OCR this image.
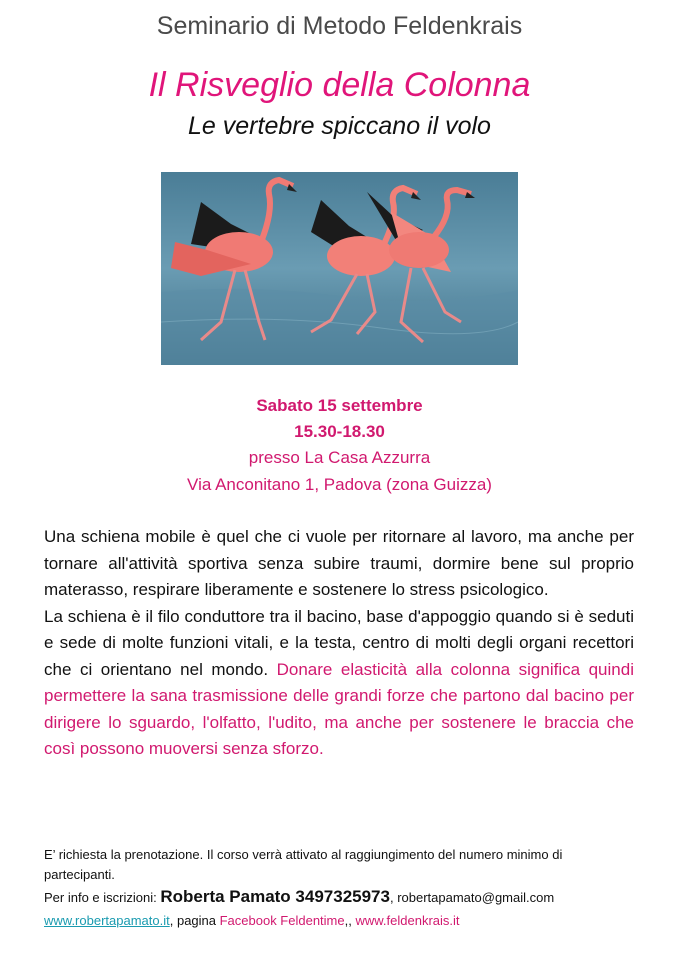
Seminario di Metodo Feldenkrais
Il Risveglio della Colonna
Le vertebre spiccano il volo
Sabato 15 settembre
15.30-18.30
presso La Casa Azzurra
Via Anconitano 1, Padova (zona Guizza)

Una schiena mobile è quel che ci vuole per ritornare al lavoro, ma anche per tornare all'attività sportiva senza subire traumi, dormire bene sul proprio materasso, respirare liberamente e sostenere lo stress psicologico.

La schiena è il filo conduttore tra il bacino, base d'appoggio quando si è seduti e sede di molte funzioni vitali, e la testa, centro di molti degli organi recettori che ci orientano nel mondo. Donare elasticità alla colonna significa quindi permettere la sana trasmissione delle grandi forze che partono dal bacino per dirigere lo sguardo, l'olfatto, l'udito, ma anche per sostenere le braccia che così possono muoversi senza sforzo.

E’ richiesta la prenotazione. Il corso verrà attivato al raggiungimento del numero minimo di partecipanti.
Per info e iscrizioni: Roberta Pamato 3497325973, robertapamato@gmail.com
www.robertapamato.it, pagina Facebook Feldentime,, www.feldenkrais.it
